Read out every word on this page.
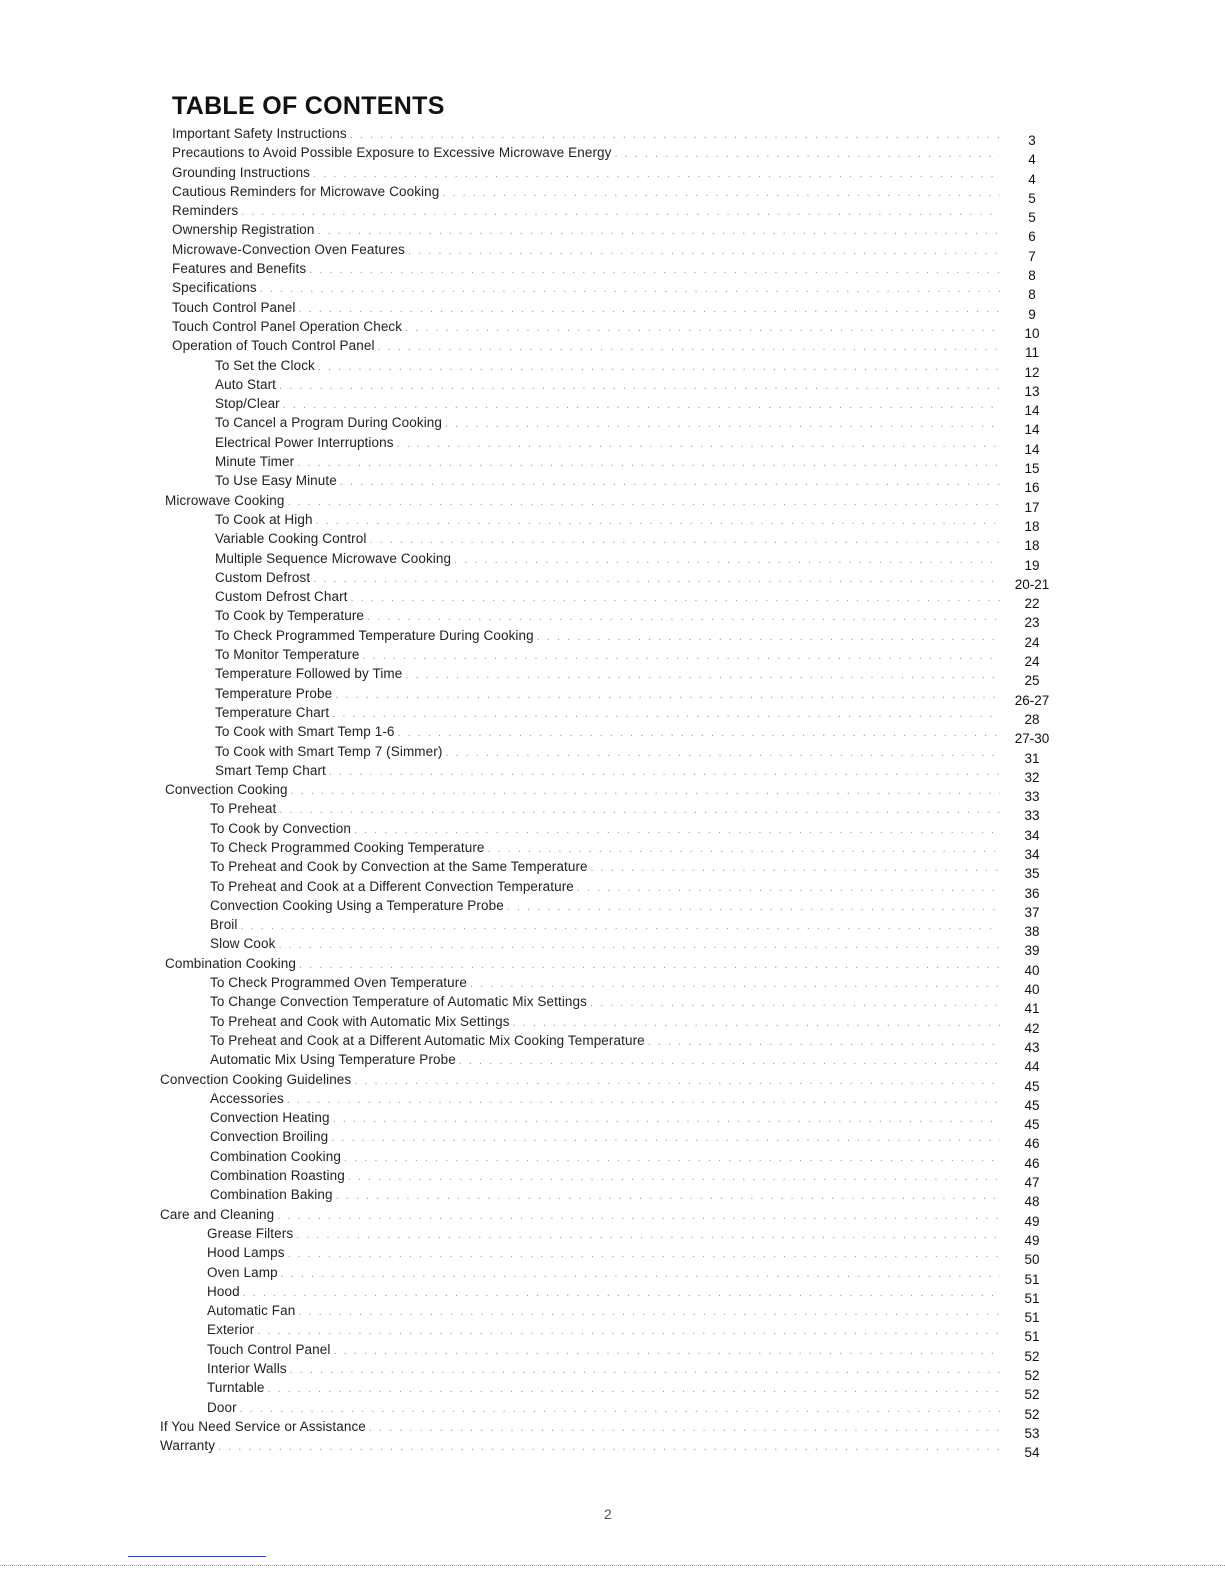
TABLE OF CONTENTS
Important Safety Instructions . . .	3
Precautions to Avoid Possible Exposure to Excessive Microwave Energy . . .	4
Grounding Instructions . . .	4
Cautious Reminders for Microwave Cooking . . .	5
Reminders . . .	5
Ownership Registration . . .	6
Microwave-Convection Oven Features . . .	7
Features and Benefits . . .	8
Specifications . . .	8
Touch Control Panel . . .	9
Touch Control Panel Operation Check . . .	10
Operation of Touch Control Panel . . .	11
To Set the Clock . . .	12
Auto Start . . .	13
Stop/Clear . . .	14
To Cancel a Program During Cooking . . .	14
Electrical Power Interruptions . . .	14
Minute Timer . . .	15
To Use Easy Minute . . .	16
Microwave Cooking . . .	17
To Cook at High . . .	18
Variable Cooking Control . . .	18
Multiple Sequence Microwave Cooking . . .	19
Custom Defrost . . .	20-21
Custom Defrost Chart . . .	22
To Cook by Temperature . . .	23
To Check Programmed Temperature During Cooking . . .	24
To Monitor Temperature . . .	24
Temperature Followed by Time . . .	25
Temperature Probe . . .	26-27
Temperature Chart . . .	28
To Cook with Smart Temp 1-6 . . .	27-30
To Cook with Smart Temp 7 (Simmer) . . .	31
Smart Temp Chart . . .	32
Convection Cooking . . .	33
To Preheat . . .	33
To Cook by Convection . . .	34
To Check Programmed Cooking Temperature . . .	34
To Preheat and Cook by Convection at the Same Temperature . . .	35
To Preheat and Cook at a Different Convection Temperature . . .	36
Convection Cooking Using a Temperature Probe . . .	37
Broil . . .	38
Slow Cook . . .	39
Combination Cooking . . .	40
To Check Programmed Oven Temperature . . .	40
To Change Convection Temperature of Automatic Mix Settings . . .	41
To Preheat and Cook with Automatic Mix Settings . . .	42
To Preheat and Cook at a Different Automatic Mix Cooking Temperature . . .	43
Automatic Mix Using Temperature Probe . . .	44
Convection Cooking Guidelines . . .	45
Accessories . . .	45
Convection Heating . . .	45
Convection Broiling . . .	46
Combination Cooking . . .	46
Combination Roasting . . .	47
Combination Baking . . .	48
Care and Cleaning . . .	49
Grease Filters . . .	49
Hood Lamps . . .	50
Oven Lamp . . .	51
Hood . . .	51
Automatic Fan . . .	51
Exterior . . .	51
Touch Control Panel . . .	52
Interior Walls . . .	52
Turntable . . .	52
Door . . .	52
If You Need Service or Assistance . . .	53
Warranty . . .	54
2
